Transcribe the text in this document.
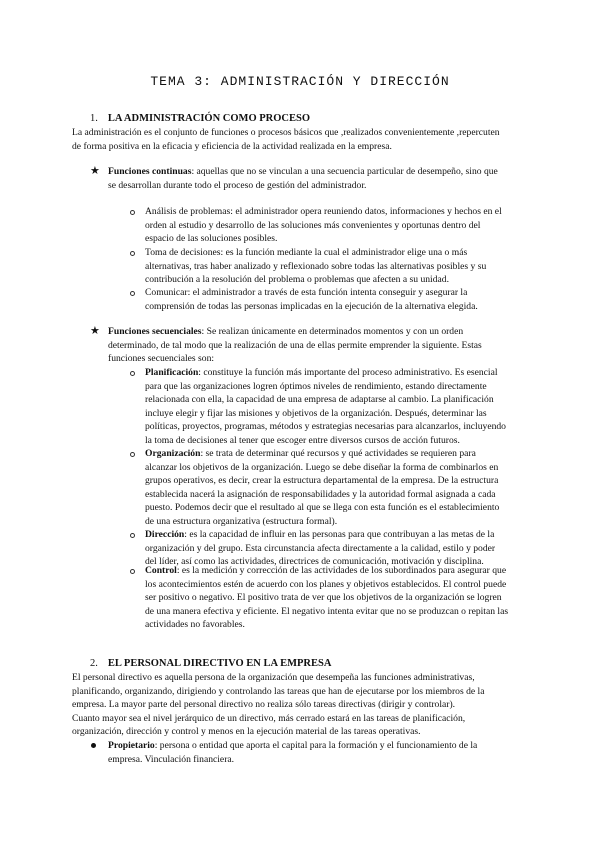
TEMA 3: ADMINISTRACIÓN Y DIRECCIÓN
1. LA ADMINISTRACIÓN COMO PROCESO
La administración es el conjunto de funciones o procesos básicos que ,realizados convenientemente ,repercuten
de forma positiva en la eficacia y eficiencia de la actividad realizada en la empresa.
★ Funciones continuas: aquellas que no se vinculan a una secuencia particular de desempeño, sino que
se desarrollan durante todo el proceso de gestión del administrador.
Análisis de problemas: el administrador opera reuniendo datos, informaciones y hechos en el
orden al estudio y desarrollo de las soluciones más convenientes y oportunas dentro del
espacio de las soluciones posibles.
Toma de decisiones: es la función mediante la cual el administrador elige una o más
alternativas, tras haber analizado y reflexionado sobre todas las alternativas posibles y su
contribución a la resolución del problema o problemas que afecten a su unidad.
Comunicar: el administrador a través de esta función intenta conseguir y asegurar la
comprensión de todas las personas implicadas en la ejecución de la alternativa elegida.
★ Funciones secuenciales: Se realizan únicamente en determinados momentos y con un orden
determinado, de tal modo que la realización de una de ellas permite emprender la siguiente. Estas
funciones secuenciales son:
Planificación: constituye la función más importante del proceso administrativo. Es esencial
para que las organizaciones logren óptimos niveles de rendimiento, estando directamente
relacionada con ella, la capacidad de una empresa de adaptarse al cambio. La planificación
incluye elegir y fijar las misiones y objetivos de la organización. Después, determinar las
políticas, proyectos, programas, métodos y estrategias necesarias para alcanzarlos, incluyendo
la toma de decisiones al tener que escoger entre diversos cursos de acción futuros.
Organización: se trata de determinar qué recursos y qué actividades se requieren para
alcanzar los objetivos de la organización. Luego se debe diseñar la forma de combinarlos en
grupos operativos, es decir, crear la estructura departamental de la empresa. De la estructura
establecida nacerá la asignación de responsabilidades y la autoridad formal asignada a cada
puesto. Podemos decir que el resultado al que se llega con esta función es el establecimiento
de una estructura organizativa (estructura formal).
Dirección: es la capacidad de influir en las personas para que contribuyan a las metas de la
organización y del grupo. Esta circunstancia afecta directamente a la calidad, estilo y poder
del líder, así como las actividades, directrices de comunicación, motivación y disciplina.
Control: es la medición y corrección de las actividades de los subordinados para asegurar que
los acontecimientos estén de acuerdo con los planes y objetivos establecidos. El control puede
ser positivo o negativo. El positivo trata de ver que los objetivos de la organización se logren
de una manera efectiva y eficiente. El negativo intenta evitar que no se produzcan o repitan las
actividades no favorables.
2. EL PERSONAL DIRECTIVO EN LA EMPRESA
El personal directivo es aquella persona de la organización que desempeña las funciones administrativas,
planificando, organizando, dirigiendo y controlando las tareas que han de ejecutarse por los miembros de la
empresa. La mayor parte del personal directivo no realiza sólo tareas directivas (dirigir y controlar).
Cuanto mayor sea el nivel jerárquico de un directivo, más cerrado estará en las tareas de planificación,
organización, dirección y control y menos en la ejecución material de las tareas operativas.
Propietario: persona o entidad que aporta el capital para la formación y el funcionamiento de la
empresa. Vinculación financiera.
